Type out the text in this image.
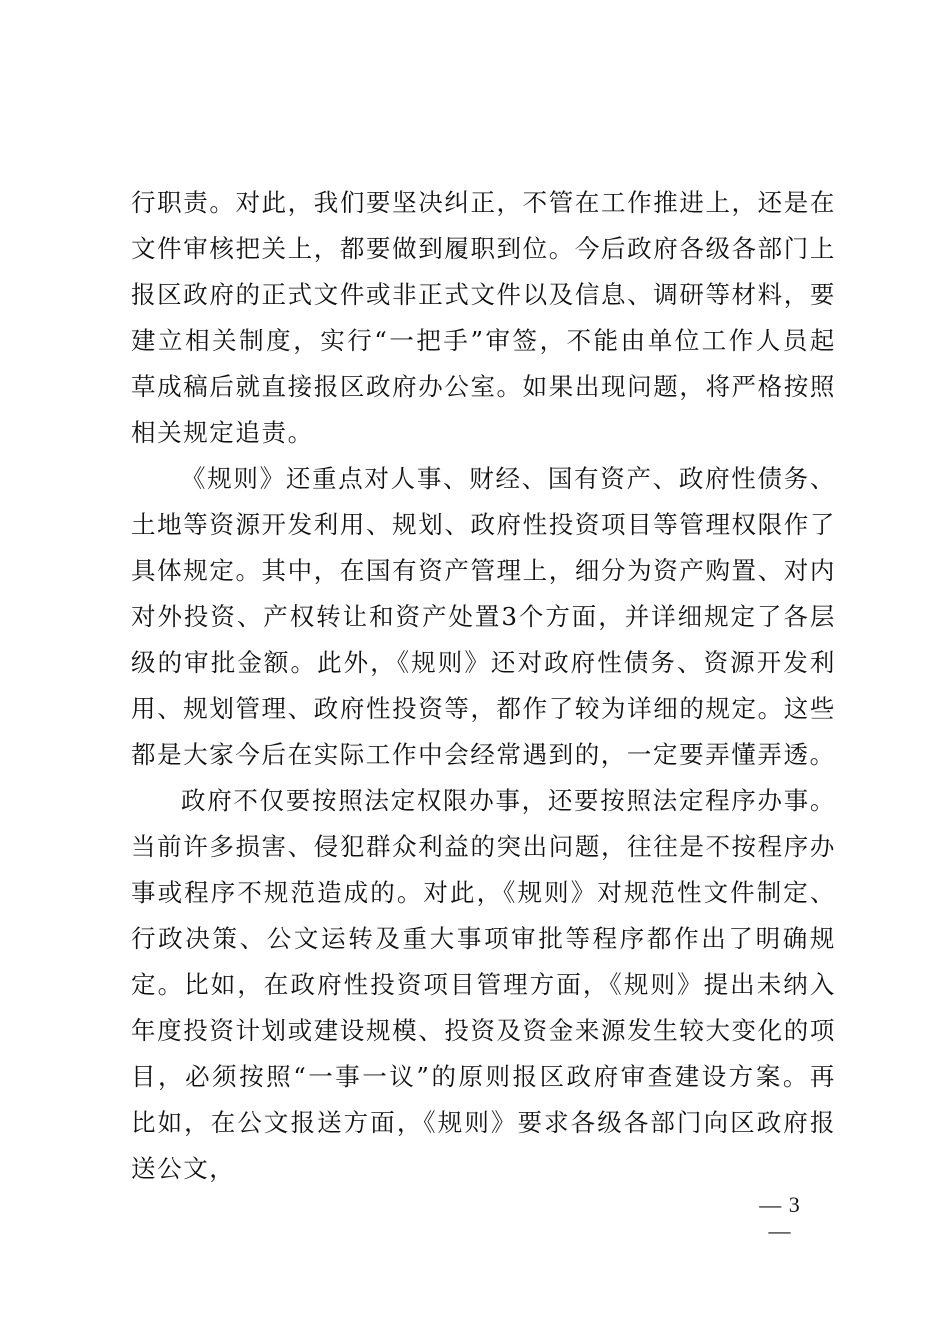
行职责。对此，我们要坚决纠正，不管在工作推进上，还是在文件审核把关上，都要做到履职到位。今后政府各级各部门上报区政府的正式文件或非正式文件以及信息、调研等材料，要建立相关制度，实行“一把手”审签，不能由单位工作人员起草成稿后就直接报区政府办公室。如果出现问题，将严格按照相关规定追责。

《规则》还重点对人事、财经、国有资产、政府性债务、土地等资源开发利用、规划、政府性投资项目等管理权限作了具体规定。其中，在国有资产管理上，细分为资产购置、对内对外投资、产权转让和资产处置3个方面，并详细规定了各层级的审批金额。此外，《规则》还对政府性债务、资源开发利用、规划管理、政府性投资等，都作了较为详细的规定。这些都是大家今后在实际工作中会经常遇到的，一定要弄懂弄透。

政府不仅要按照法定权限办事，还要按照法定程序办事。当前许多损害、侵犯群众利益的突出问题，往往是不按程序办事或程序不规范造成的。对此，《规则》对规范性文件制定、行政决策、公文运转及重大事项审批等程序都作出了明确规定。比如，在政府性投资项目管理方面，《规则》提出未纳入年度投资计划或建设规模、投资及资金来源发生较大变化的项目，必须按照“一事一议”的原则报区政府审查建设方案。再比如，在公文报送方面，《规则》要求各级各部门向区政府报送公文，

— 3 —
